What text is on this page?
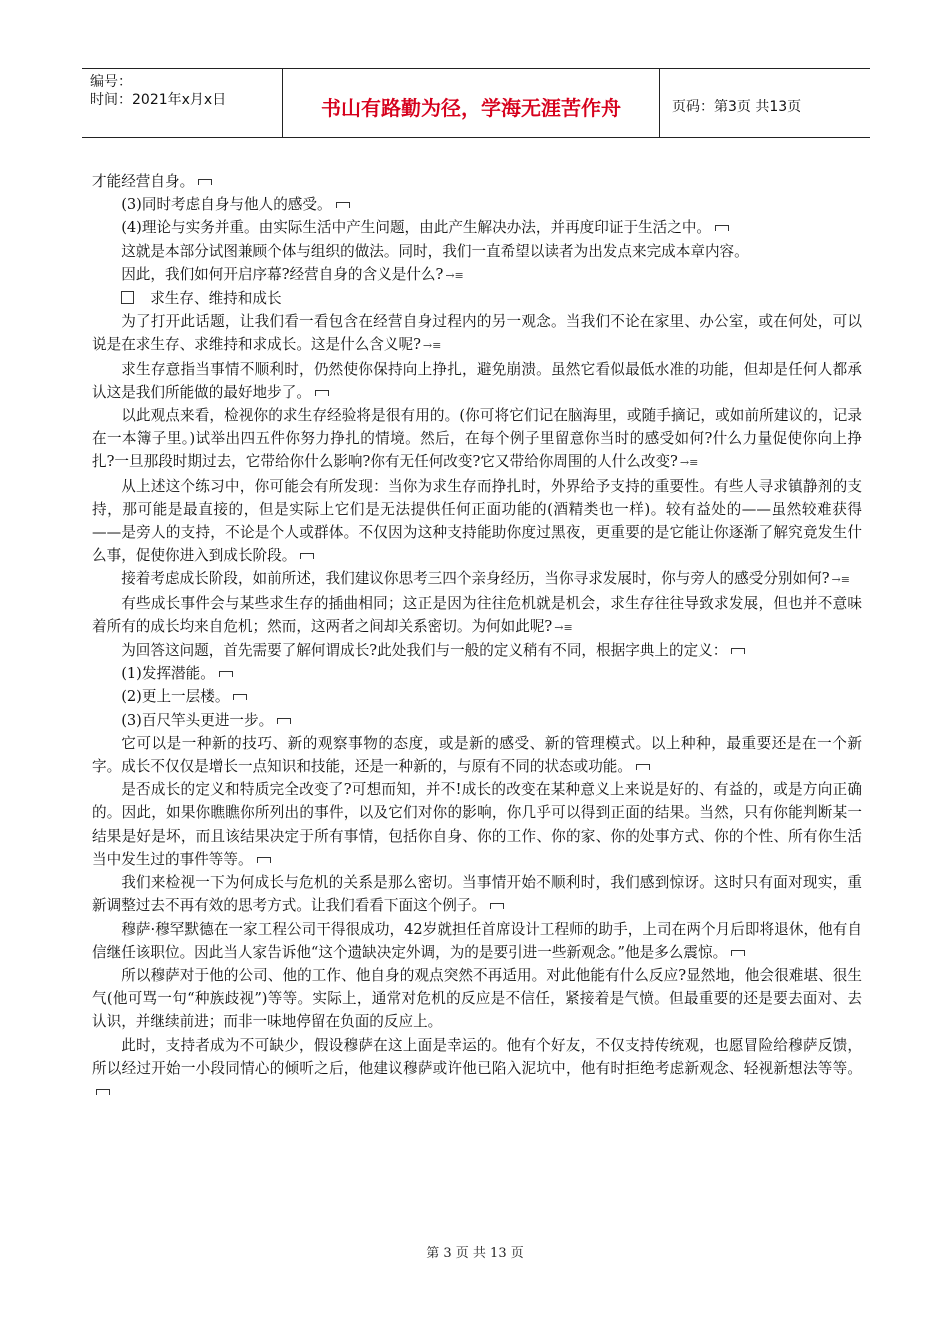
编号：
时间：2021年x月x日	书山有路勤为径，学海无涯苦作舟	页码：第3页 共13页

才能经营自身。

(3)同时考虑自身与他人的感受。

(4)理论与实务并重。由实际生活中产生问题，由此产生解决办法，并再度印证于生活之中。

这就是本部分试图兼顾个体与组织的做法。同时，我们一直希望以读者为出发点来完成本章内容。

因此，我们如何开启序幕?经营自身的含义是什么? →≡

求生存、维持和成长

为了打开此话题，让我们看一看包含在经营自身过程内的另一观念。当我们不论在家里、办公室，或在何处，可以说是在求生存、求维持和求成长。这是什么含义呢? →≡

求生存意指当事情不顺利时，仍然使你保持向上挣扎，避免崩溃。虽然它看似最低水准的功能，但却是任何人都承认这是我们所能做的最好地步了。

以此观点来看，检视你的求生存经验将是很有用的。(你可将它们记在脑海里，或随手摘记，或如前所建议的，记录在一本簿子里。)试举出四五件你努力挣扎的情境。然后，在每个例子里留意你当时的感受如何?什么力量促使你向上挣扎?一旦那段时期过去，它带给你什么影响?你有无任何改变?它又带给你周围的人什么改变? →≡

从上述这个练习中，你可能会有所发现：当你为求生存而挣扎时，外界给予支持的重要性。有些人寻求镇静剂的支持，那可能是最直接的，但是实际上它们是无法提供任何正面功能的(酒精类也一样)。较有益处的——虽然较难获得——是旁人的支持，不论是个人或群体。不仅因为这种支持能助你度过黑夜，更重要的是它能让你逐渐了解究竟发生什么事，促使你进入到成长阶段。

接着考虑成长阶段，如前所述，我们建议你思考三四个亲身经历，当你寻求发展时，你与旁人的感受分别如何? →≡

有些成长事件会与某些求生存的插曲相同；这正是因为往往危机就是机会，求生存往往导致求发展，但也并不意味着所有的成长均来自危机；然而，这两者之间却关系密切。为何如此呢? →≡

为回答这问题，首先需要了解何谓成长?此处我们与一般的定义稍有不同，根据字典上的定义：

(1)发挥潜能。

(2)更上一层楼。

(3)百尺竿头更进一步。

它可以是一种新的技巧、新的观察事物的态度，或是新的感受、新的管理模式。以上种种，最重要还是在一个新字。成长不仅仅是增长一点知识和技能，还是一种新的，与原有不同的状态或功能。

是否成长的定义和特质完全改变了?可想而知，并不!成长的改变在某种意义上来说是好的、有益的，或是方向正确的。因此，如果你瞧瞧你所列出的事件，以及它们对你的影响，你几乎可以得到正面的结果。当然，只有你能判断某一结果是好是坏，而且该结果决定于所有事情，包括你自身、你的工作、你的家、你的处事方式、你的个性、所有你生活当中发生过的事件等等。

我们来检视一下为何成长与危机的关系是那么密切。当事情开始不顺利时，我们感到惊讶。这时只有面对现实，重新调整过去不再有效的思考方式。让我们看看下面这个例子。

穆萨·穆罕默德在一家工程公司干得很成功，42岁就担任首席设计工程师的助手，上司在两个月后即将退休，他有自信继任该职位。因此当人家告诉他“这个遗缺决定外调，为的是要引进一些新观念。”他是多么震惊。

所以穆萨对于他的公司、他的工作、他自身的观点突然不再适用。对此他能有什么反应?显然地，他会很难堪、很生气(他可骂一句“种族歧视”)等等。实际上，通常对危机的反应是不信任，紧接着是气愤。但最重要的还是要去面对、去认识，并继续前进；而非一味地停留在负面的反应上。

此时，支持者成为不可缺少，假设穆萨在这上面是幸运的。他有个好友，不仅支持传统观，也愿冒险给穆萨反馈，所以经过开始一小段同情心的倾听之后，他建议穆萨或许他已陷入泥坑中，他有时拒绝考虑新观念、轻视新想法等等。

第 3 页 共 13 页
